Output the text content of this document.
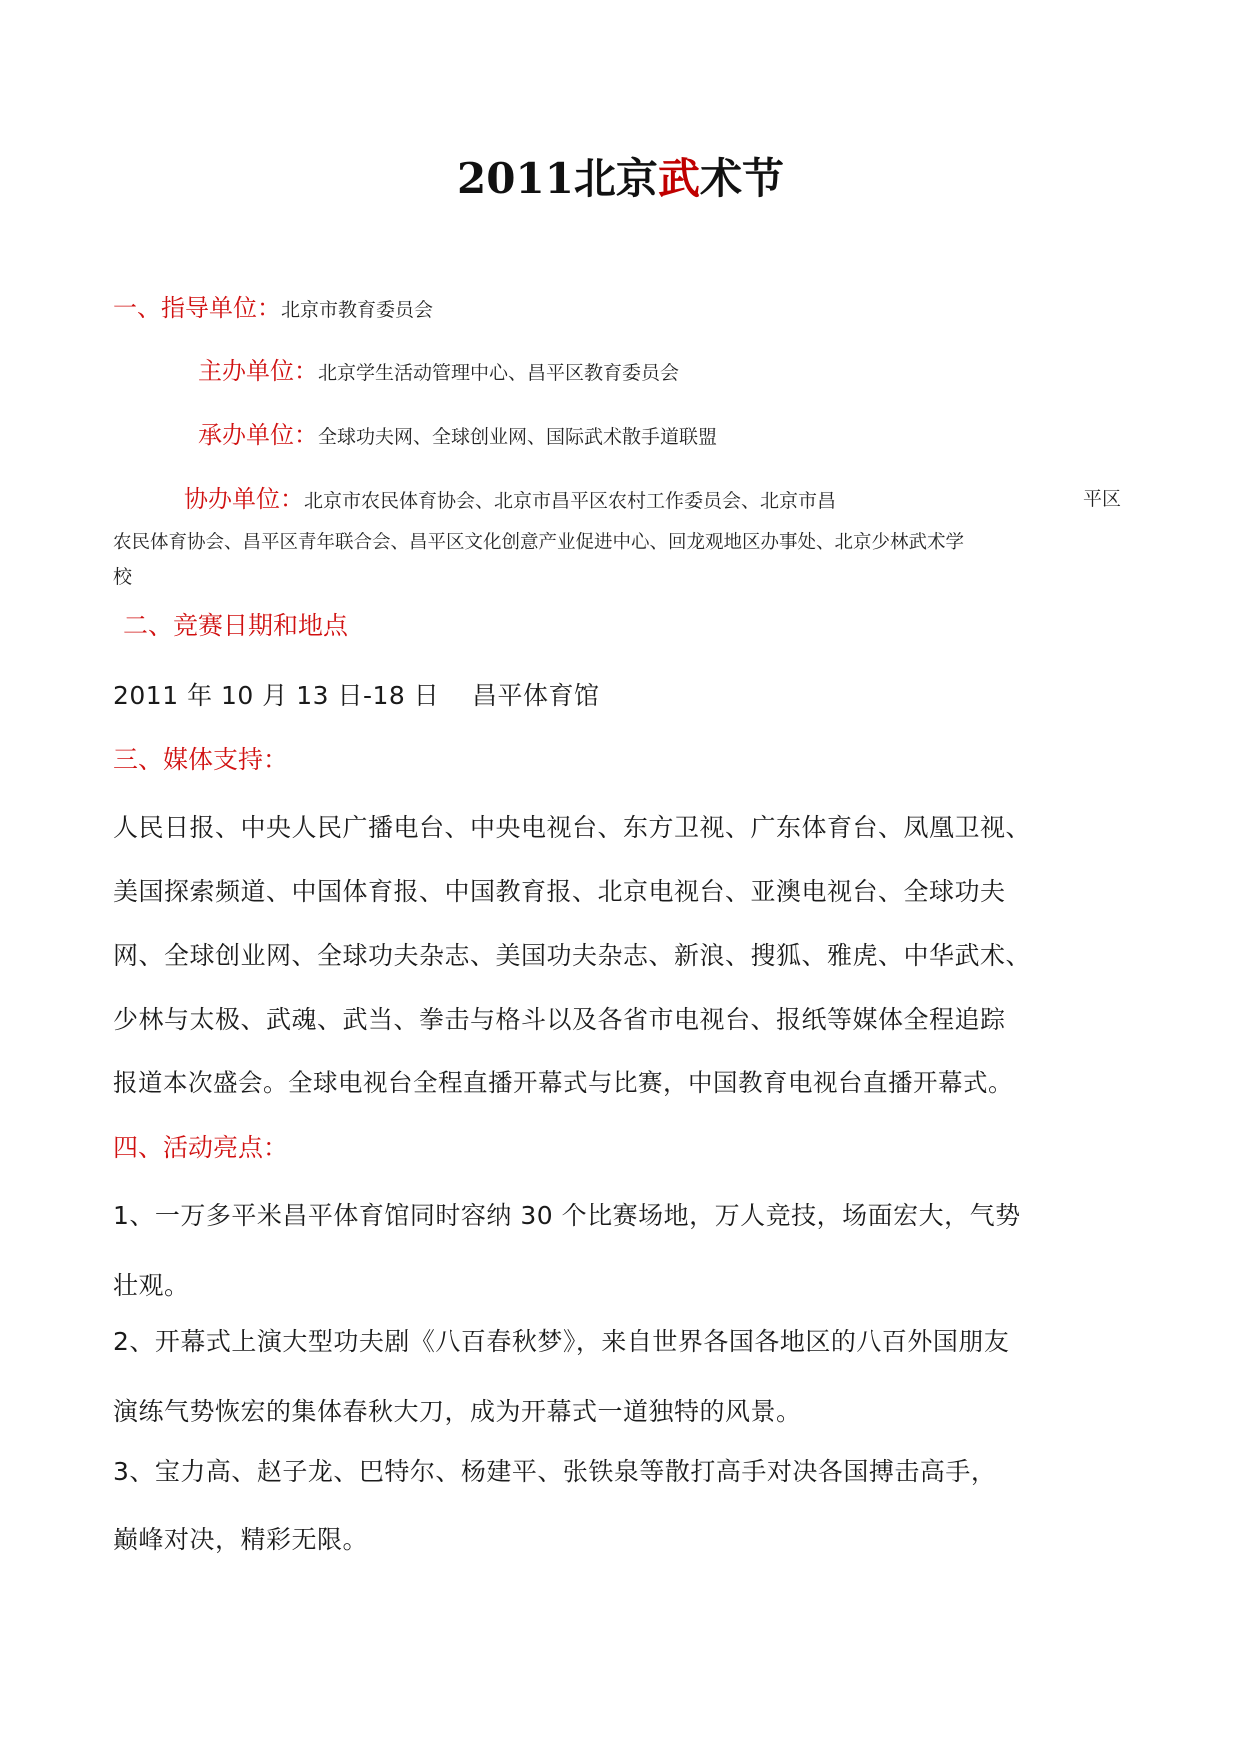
2011北京武术节
一、指导单位：北京市教育委员会
主办单位：北京学生活动管理中心、昌平区教育委员会
承办单位：全球功夫网、全球创业网、国际武术散手道联盟
协办单位：北京市农民体育协会、北京市昌平区农村工作委员会、北京市昌	平区
农民体育协会、昌平区青年联合会、昌平区文化创意产业促进中心、回龙观地区办事处、北京少林武术学
校
二、竞赛日期和地点
2011 年 10 月 13 日-18 日 昌平体育馆
三、媒体支持：
人民日报、中央人民广播电台、中央电视台、东方卫视、广东体育台、凤凰卫视、
美国探索频道、中国体育报、中国教育报、北京电视台、亚澳电视台、全球功夫
网、全球创业网、全球功夫杂志、美国功夫杂志、新浪、搜狐、雅虎、中华武术、
少林与太极、武魂、武当、拳击与格斗以及各省市电视台、报纸等媒体全程追踪
报道本次盛会。全球电视台全程直播开幕式与比赛，中国教育电视台直播开幕式。
四、活动亮点：
1、一万多平米昌平体育馆同时容纳 30 个比赛场地，万人竞技，场面宏大，气势
壮观。
2、开幕式上演大型功夫剧《八百春秋梦》，来自世界各国各地区的八百外国朋友
演练气势恢宏的集体春秋大刀，成为开幕式一道独特的风景。
3、宝力高、赵子龙、巴特尔、杨建平、张铁泉等散打高手对决各国搏击高手，
巅峰对决，精彩无限。
